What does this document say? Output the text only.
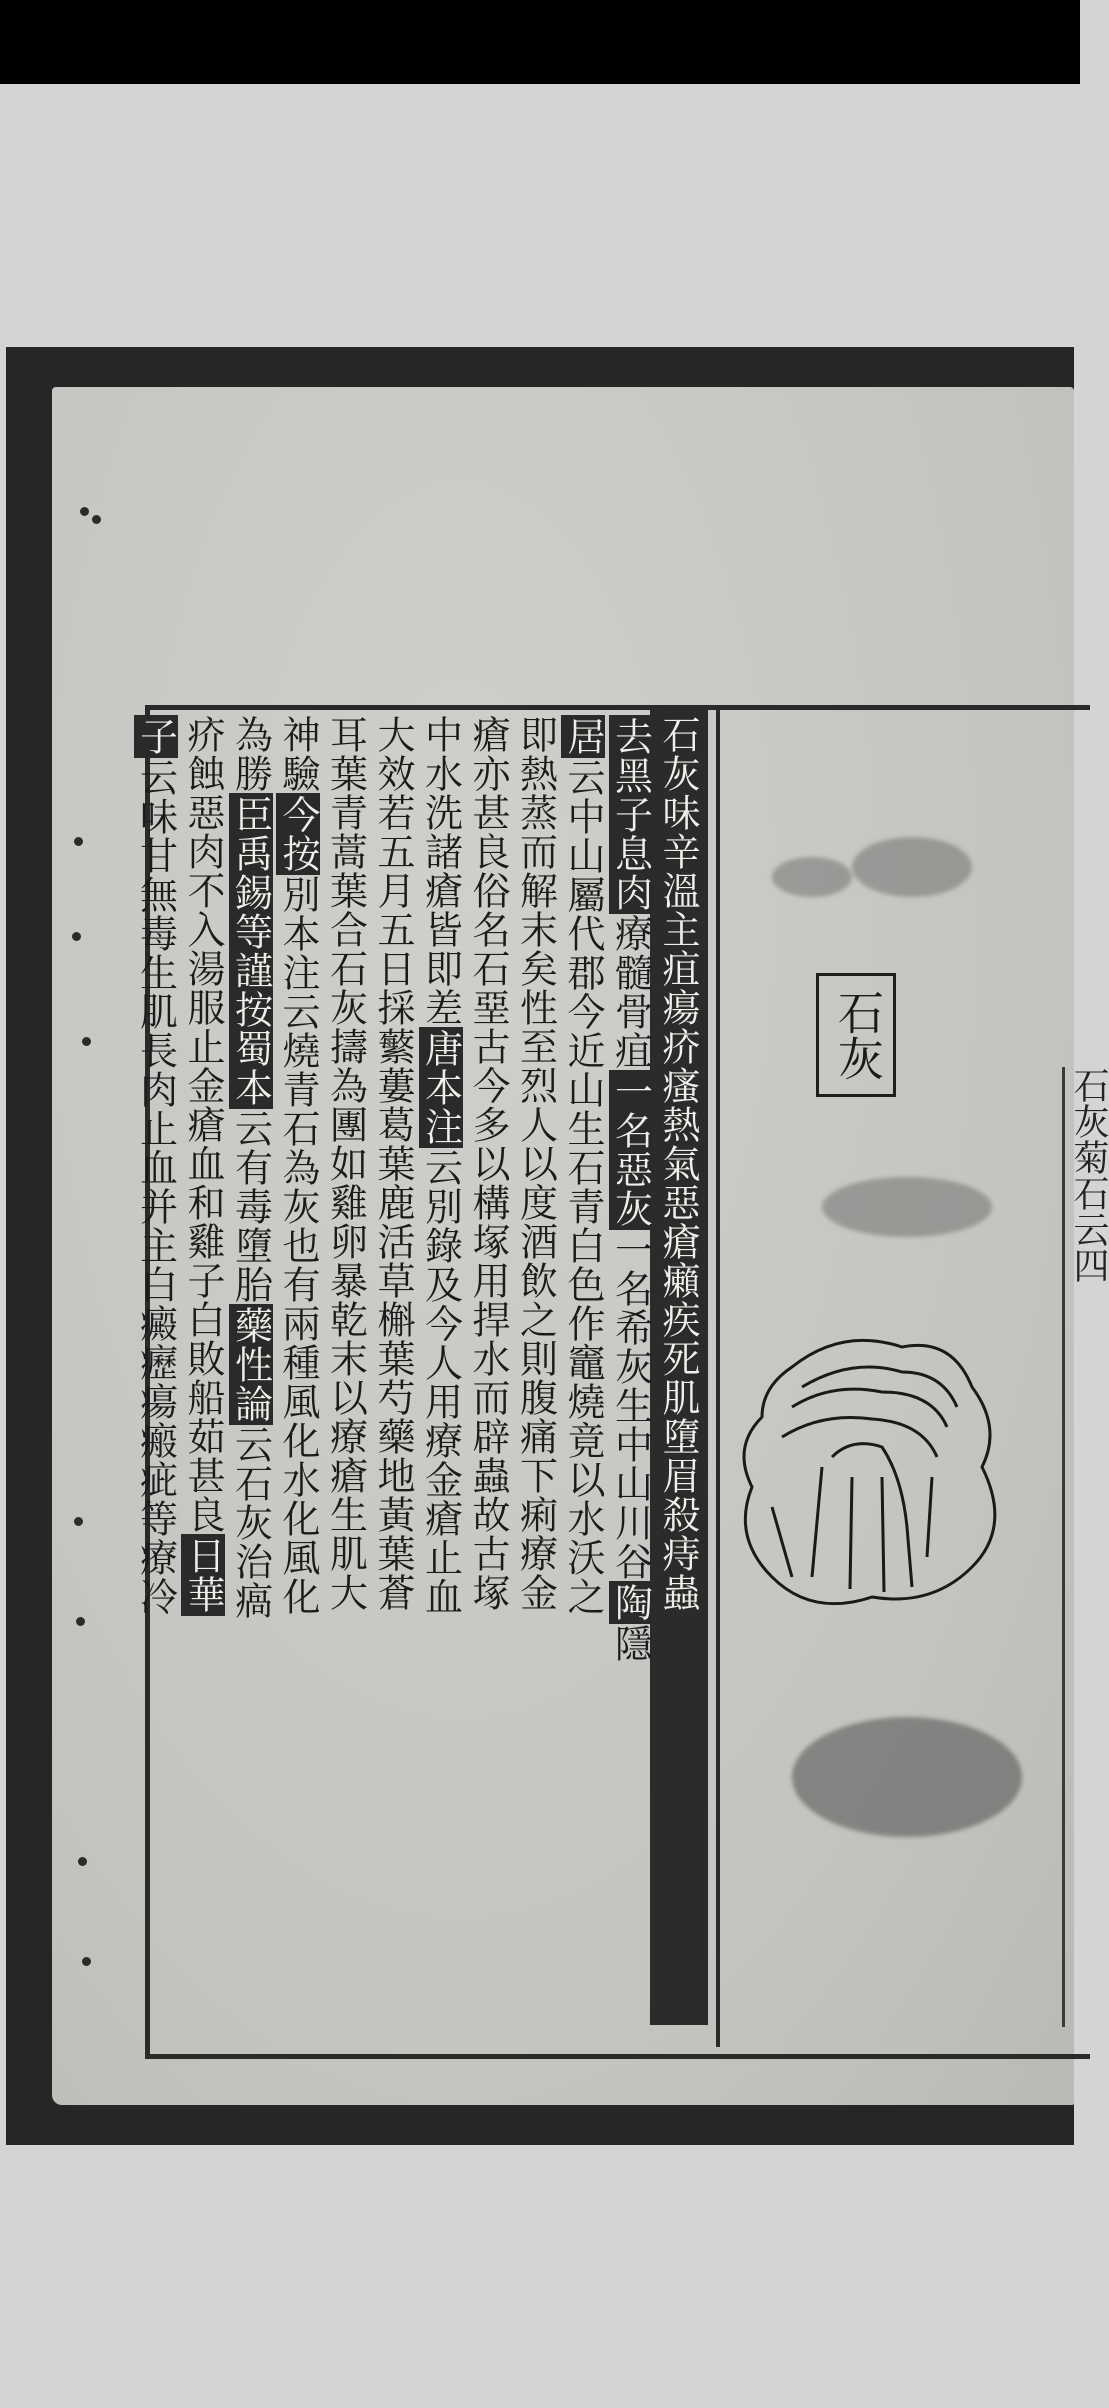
石灰味辛溫主疽瘍疥瘙熱氣惡瘡癩疾死肌墮眉殺痔蟲
去黑子息肉療髓骨疽一名惡灰一名希灰生中山川谷陶隱
居云中山屬代郡今近山生石青白色作竈燒竟以水沃之
即熱蒸而解末矣性至烈人以度酒飲之則腹痛下痢療金
瘡亦甚良俗名石堊古今多以構塚用捍水而辟蟲故古塚
中水洗諸瘡皆即差唐本注云別錄及今人用療金瘡止血
大效若五月五日採蘩蔞葛葉鹿活草槲葉芍藥地黃葉蒼
耳葉青蒿葉合石灰擣為團如雞卵暴乾末以療瘡生肌大
神驗今按別本注云燒青石為灰也有兩種風化水化風化
為勝臣禹錫等謹按蜀本云有毒墮胎藥性論云石灰治瘑
疥蝕惡肉不入湯服止金瘡血和雞子白敗船茹甚良日華
子云味甘無毒生肌長肉止血并主白癜癧瘍瘢疵等療冷	石灰
石灰菊石云四
